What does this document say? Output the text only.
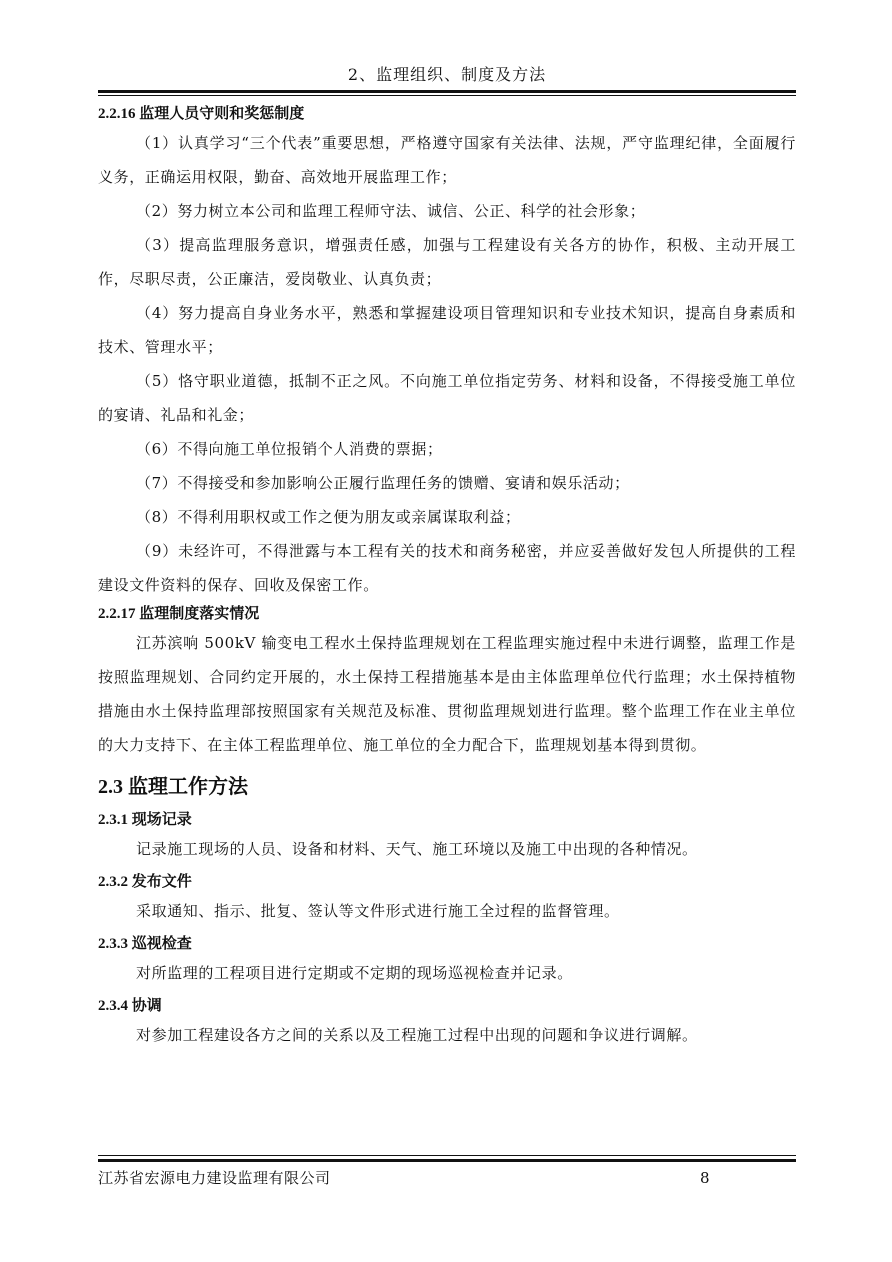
2、监理组织、制度及方法
2.2.16 监理人员守则和奖惩制度

（1）认真学习“三个代表”重要思想，严格遵守国家有关法律、法规，严守监理纪律，全面履行义务，正确运用权限，勤奋、高效地开展监理工作；

（2）努力树立本公司和监理工程师守法、诚信、公正、科学的社会形象；

（3）提高监理服务意识，增强责任感，加强与工程建设有关各方的协作，积极、主动开展工作，尽职尽责，公正廉洁，爱岗敬业、认真负责；

（4）努力提高自身业务水平，熟悉和掌握建设项目管理知识和专业技术知识，提高自身素质和技术、管理水平；

（5）恪守职业道德，抵制不正之风。不向施工单位指定劳务、材料和设备，不得接受施工单位的宴请、礼品和礼金；

（6）不得向施工单位报销个人消费的票据；

（7）不得接受和参加影响公正履行监理任务的馈赠、宴请和娱乐活动；

（8）不得利用职权或工作之便为朋友或亲属谋取利益；

（9）未经许可，不得泄露与本工程有关的技术和商务秘密，并应妥善做好发包人所提供的工程建设文件资料的保存、回收及保密工作。

2.2.17 监理制度落实情况

江苏滨响 500kV 输变电工程水土保持监理规划在工程监理实施过程中未进行调整，监理工作是按照监理规划、合同约定开展的，水土保持工程措施基本是由主体监理单位代行监理；水土保持植物措施由水土保持监理部按照国家有关规范及标准、贯彻监理规划进行监理。整个监理工作在业主单位的大力支持下、在主体工程监理单位、施工单位的全力配合下，监理规划基本得到贯彻。

2.3 监理工作方法
2.3.1 现场记录

记录施工现场的人员、设备和材料、天气、施工环境以及施工中出现的各种情况。

2.3.2 发布文件

采取通知、指示、批复、签认等文件形式进行施工全过程的监督管理。

2.3.3 巡视检查

对所监理的工程项目进行定期或不定期的现场巡视检查并记录。

2.3.4 协调

对参加工程建设各方之间的关系以及工程施工过程中出现的问题和争议进行调解。

江苏省宏源电力建设监理有限公司	8
